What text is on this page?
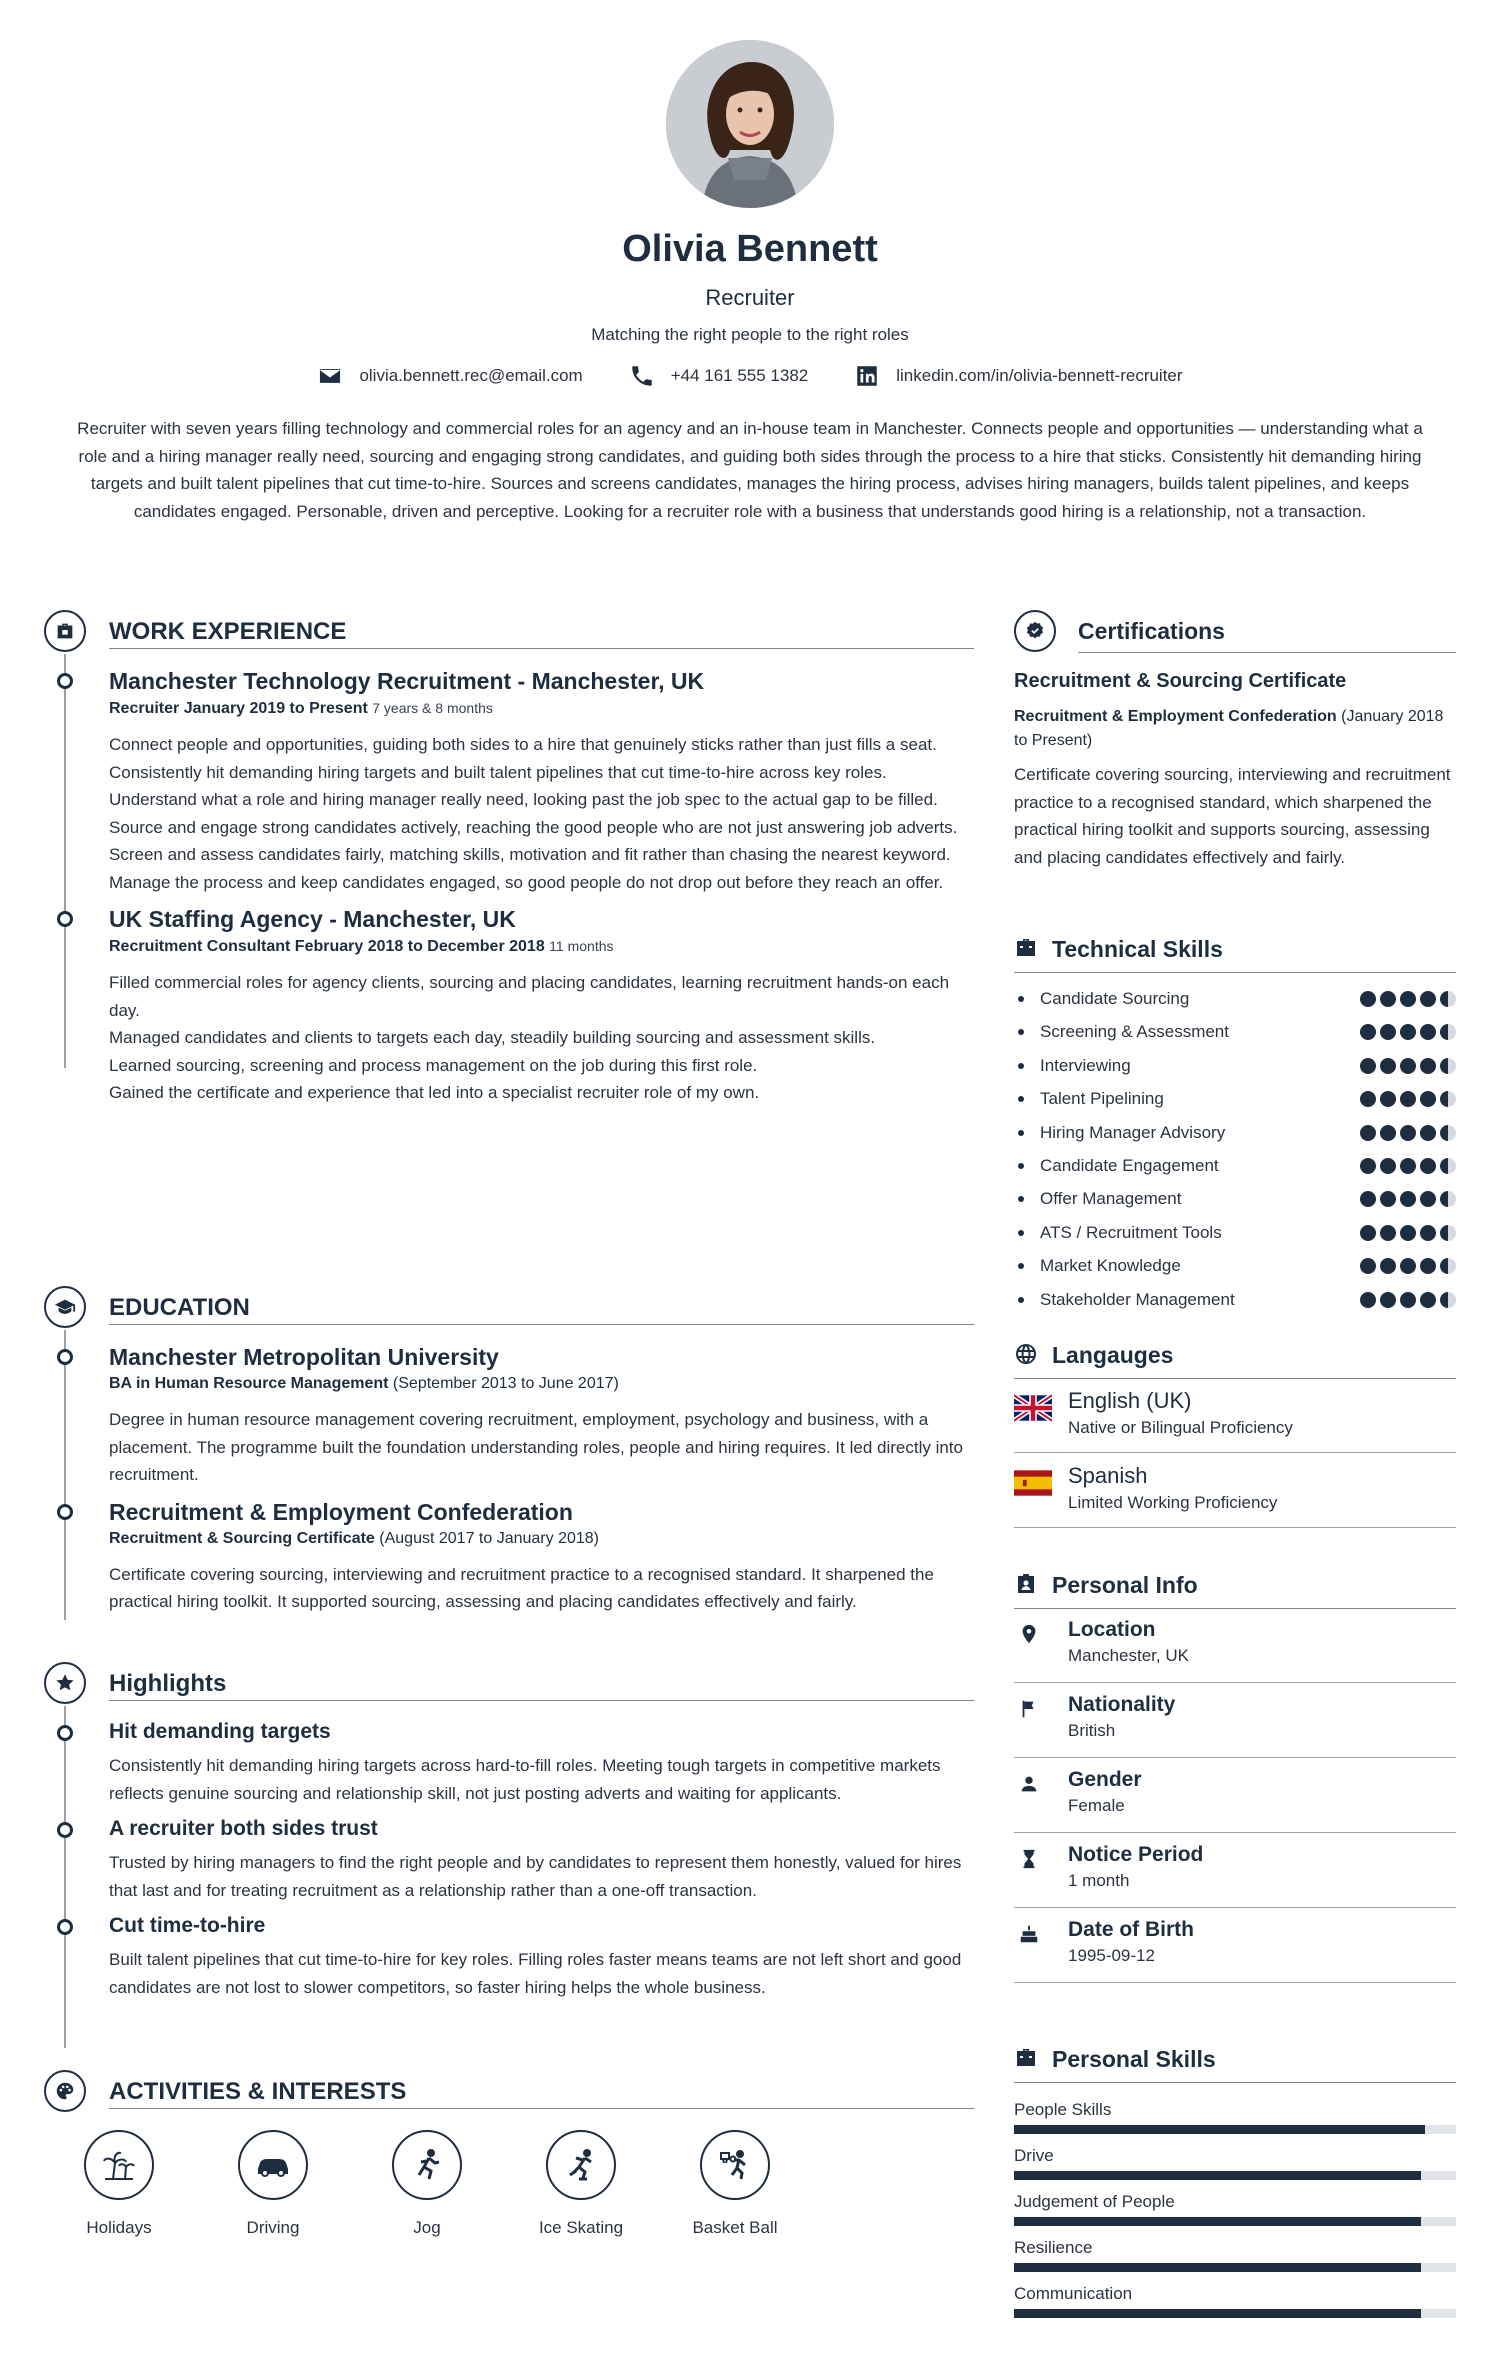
Olivia Bennett
Recruiter
Matching the right people to the right roles
olivia.bennett.rec@email.com	+44 161 555 1382	linkedin.com/in/olivia-bennett-recruiter
Recruiter with seven years filling technology and commercial roles for an agency and an in-house team in Manchester. Connects people and opportunities — understanding what a role and a hiring manager really need, sourcing and engaging strong candidates, and guiding both sides through the process to a hire that sticks. Consistently hit demanding hiring targets and built talent pipelines that cut time-to-hire. Sources and screens candidates, manages the hiring process, advises hiring managers, builds talent pipelines, and keeps candidates engaged. Personable, driven and perceptive. Looking for a recruiter role with a business that understands good hiring is a relationship, not a transaction.
WORK EXPERIENCE
Manchester Technology Recruitment - Manchester, UK
Recruiter January 2019 to Present 7 years & 8 months
Connect people and opportunities, guiding both sides to a hire that genuinely sticks rather than just fills a seat.
Consistently hit demanding hiring targets and built talent pipelines that cut time-to-hire across key roles.
Understand what a role and hiring manager really need, looking past the job spec to the actual gap to be filled.
Source and engage strong candidates actively, reaching the good people who are not just answering job adverts.
Screen and assess candidates fairly, matching skills, motivation and fit rather than chasing the nearest keyword.
Manage the process and keep candidates engaged, so good people do not drop out before they reach an offer.
UK Staffing Agency - Manchester, UK
Recruitment Consultant February 2018 to December 2018 11 months
Filled commercial roles for agency clients, sourcing and placing candidates, learning recruitment hands-on each day.
Managed candidates and clients to targets each day, steadily building sourcing and assessment skills.
Learned sourcing, screening and process management on the job during this first role.
Gained the certificate and experience that led into a specialist recruiter role of my own.
EDUCATION
Manchester Metropolitan University
BA in Human Resource Management (September 2013 to June 2017)
Degree in human resource management covering recruitment, employment, psychology and business, with a placement. The programme built the foundation understanding roles, people and hiring requires. It led directly into recruitment.
Recruitment & Employment Confederation
Recruitment & Sourcing Certificate (August 2017 to January 2018)
Certificate covering sourcing, interviewing and recruitment practice to a recognised standard. It sharpened the practical hiring toolkit. It supported sourcing, assessing and placing candidates effectively and fairly.
Highlights
Hit demanding targets
Consistently hit demanding hiring targets across hard-to-fill roles. Meeting tough targets in competitive markets reflects genuine sourcing and relationship skill, not just posting adverts and waiting for applicants.
A recruiter both sides trust
Trusted by hiring managers to find the right people and by candidates to represent them honestly, valued for hires that last and for treating recruitment as a relationship rather than a one-off transaction.
Cut time-to-hire
Built talent pipelines that cut time-to-hire for key roles. Filling roles faster means teams are not left short and good candidates are not lost to slower competitors, so faster hiring helps the whole business.
ACTIVITIES & INTERESTS
Holidays	Driving	Jog	Ice Skating	Basket Ball
Certifications
Recruitment & Sourcing Certificate
Recruitment & Employment Confederation (January 2018 to Present)
Certificate covering sourcing, interviewing and recruitment practice to a recognised standard, which sharpened the practical hiring toolkit and supports sourcing, assessing and placing candidates effectively and fairly.
Technical Skills
Candidate Sourcing
Screening & Assessment
Interviewing
Talent Pipelining
Hiring Manager Advisory
Candidate Engagement
Offer Management
ATS / Recruitment Tools
Market Knowledge
Stakeholder Management
Langauges
English (UK)
Native or Bilingual Proficiency
Spanish
Limited Working Proficiency
Personal Info
Location
Manchester, UK
Nationality
British
Gender
Female
Notice Period
1 month
Date of Birth
1995-09-12
Personal Skills
People Skills
Drive
Judgement of People
Resilience
Communication
